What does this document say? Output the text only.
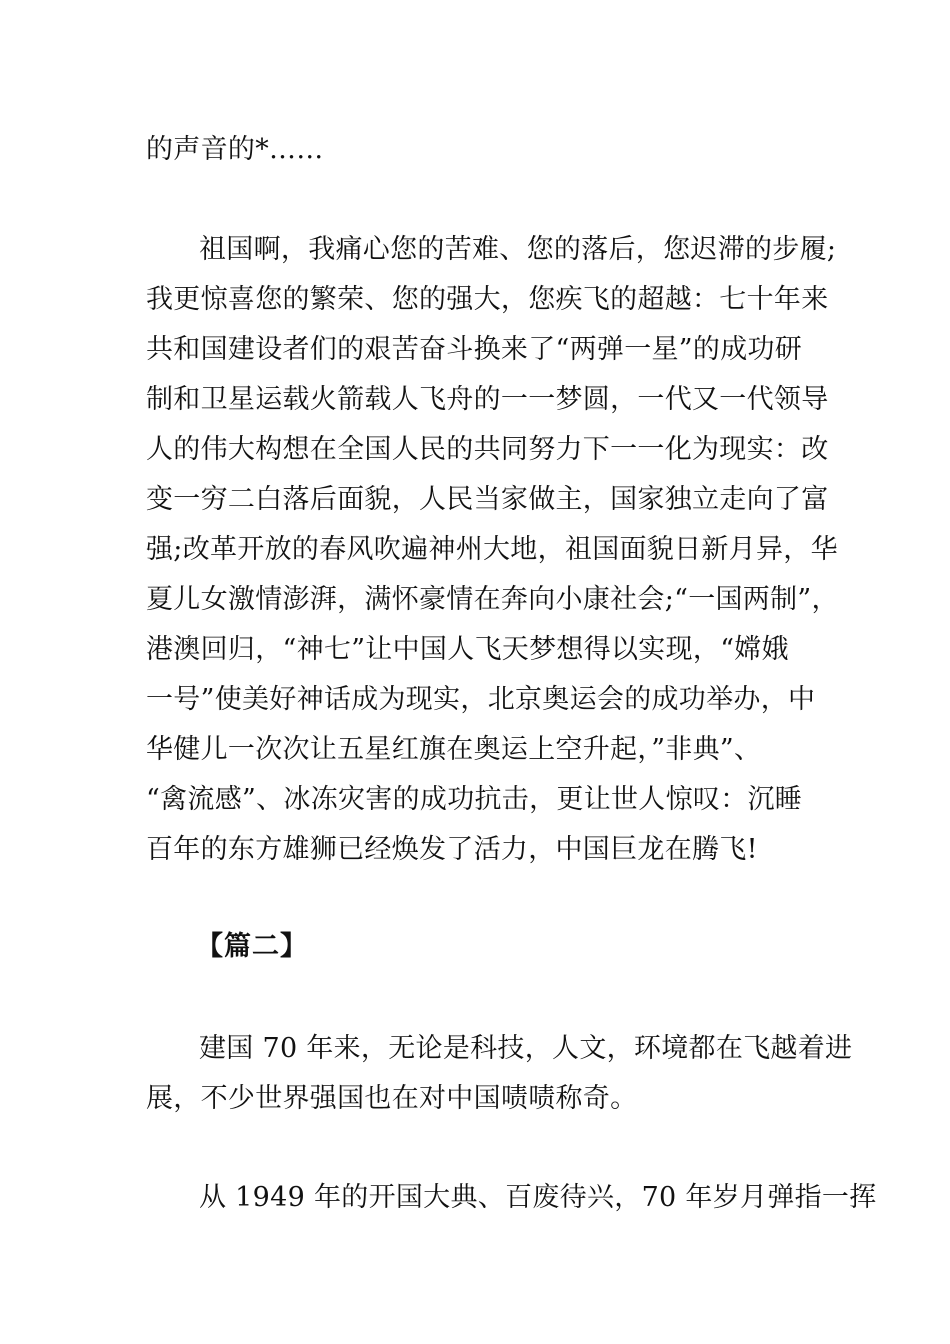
的声音的*……
祖国啊，我痛心您的苦难、您的落后，您迟滞的步履;
我更惊喜您的繁荣、您的强大，您疾飞的超越：七十年来
共和国建设者们的艰苦奋斗换来了“两弹一星”的成功研
制和卫星运载火箭载人飞舟的一一梦圆，一代又一代领导
人的伟大构想在全国人民的共同努力下一一化为现实：改
变一穷二白落后面貌，人民当家做主，国家独立走向了富
强;改革开放的春风吹遍神州大地，祖国面貌日新月异，华
夏儿女激情澎湃，满怀豪情在奔向小康社会;“一国两制”，
港澳回归，“神七”让中国人飞天梦想得以实现，“嫦娥
一号”使美好神话成为现实，北京奥运会的成功举办，中
华健儿一次次让五星红旗在奥运上空升起，”非典”、
“禽流感”、冰冻灾害的成功抗击，更让世人惊叹：沉睡
百年的东方雄狮已经焕发了活力，中国巨龙在腾飞!
【篇二】
建国 70 年来，无论是科技，人文，环境都在飞越着进
展，不少世界强国也在对中国啧啧称奇。
从 1949 年的开国大典、百废待兴，70 年岁月弹指一挥
